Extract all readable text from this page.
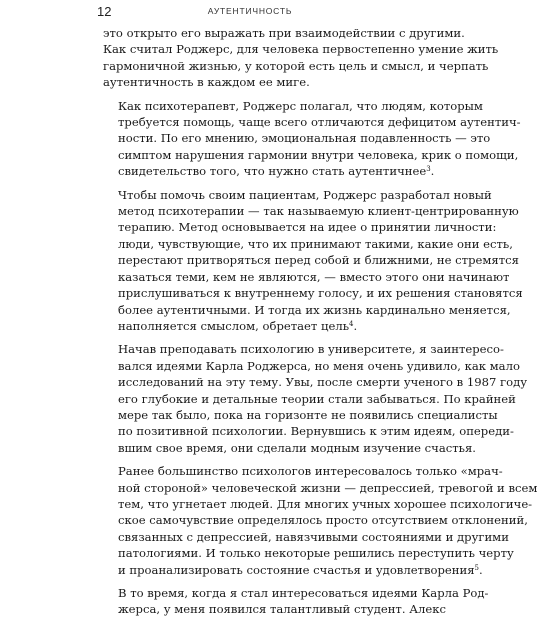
12	АУТЕНТИЧНОСТЬ

это открыто его выражать при взаимодействии с другими.
Как считал Роджерс, для человека первостепенно умение жить
гармоничной жизнью, у которой есть цель и смысл, и черпать
аутентичность в каждом ее миге.

Как психотерапевт, Роджерс полагал, что людям, которым
требуется помощь, чаще всего отличаются дефицитом аутентич-
ности. По его мнению, эмоциональная подавленность — это
симптом нарушения гармонии внутри человека, крик о помощи,
свидетельство того, что нужно стать аутентичнее$^3$.

Чтобы помочь своим пациентам, Роджерс разработал новый
метод психотерапии — так называемую клиент-центрированную
терапию. Метод основывается на идее о принятии личности:
люди, чувствующие, что их принимают такими, какие они есть,
перестают притворяться перед собой и ближними, не стремятся
казаться теми, кем не являются, — вместо этого они начинают
прислушиваться к внутреннему голосу, и их решения становятся
более аутентичными. И тогда их жизнь кардинально меняется,
наполняется смыслом, обретает цель$^4$.

Начав преподавать психологию в университете, я заинтересо-
вался идеями Карла Роджерса, но меня очень удивило, как мало
исследований на эту тему. Увы, после смерти ученого в 1987 году
его глубокие и детальные теории стали забываться. По крайней
мере так было, пока на горизонте не появились специалисты
по позитивной психологии. Вернувшись к этим идеям, опереди-
вшим свое время, они сделали модным изучение счастья.

Ранее большинство психологов интересовалось только «мрач-
ной стороной» человеческой жизни — депрессией, тревогой и всем
тем, что угнетает людей. Для многих учных хорошее психологиче-
ское самочувствие определялось просто отсутствием отклонений,
связанных с депрессией, навязчивыми состояниями и другими
патологиями. И только некоторые решились переступить черту
и проанализировать состояние счастья и удовлетворения$^5$.

В то время, когда я стал интересоваться идеями Карла Род-
жерса, у меня появился талантливый студент. Алекс
